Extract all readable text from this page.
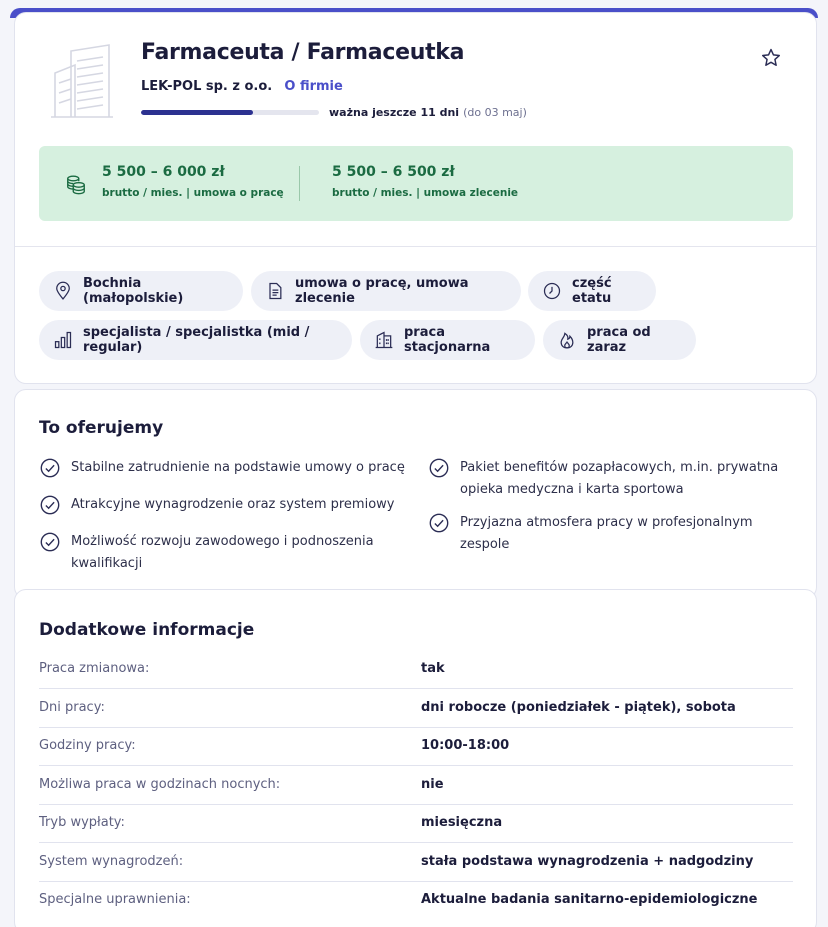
Farmaceuta / Farmaceutka
LEK-POL sp. z o.o. O firmie
ważna jeszcze 11 dni (do 03 maj)
5 500 – 6 000 zł
brutto / mies. | umowa o pracę
5 500 – 6 500 zł
brutto / mies. | umowa zlecenie
Bochnia (małopolskie)
umowa o pracę, umowa zlecenie
część etatu
specjalista / specjalistka (mid / regular)
praca stacjonarna
praca od zaraz
To oferujemy
Stabilne zatrudnienie na podstawie umowy o pracę
Atrakcyjne wynagrodzenie oraz system premiowy
Możliwość rozwoju zawodowego i podnoszenia kwalifikacji
Pakiet benefitów pozapłacowych, m.in. prywatna opieka medyczna i karta sportowa
Przyjazna atmosfera pracy w profesjonalnym zespole
Dodatkowe informacje
Praca zmianowa:	tak
Dni pracy:	dni robocze (poniedziałek - piątek), sobota
Godziny pracy:	10:00-18:00
Możliwa praca w godzinach nocnych:	nie
Tryb wypłaty:	miesięczna
System wynagrodzeń:	stała podstawa wynagrodzenia + nadgodziny
Specjalne uprawnienia:	Aktualne badania sanitarno-epidemiologiczne
